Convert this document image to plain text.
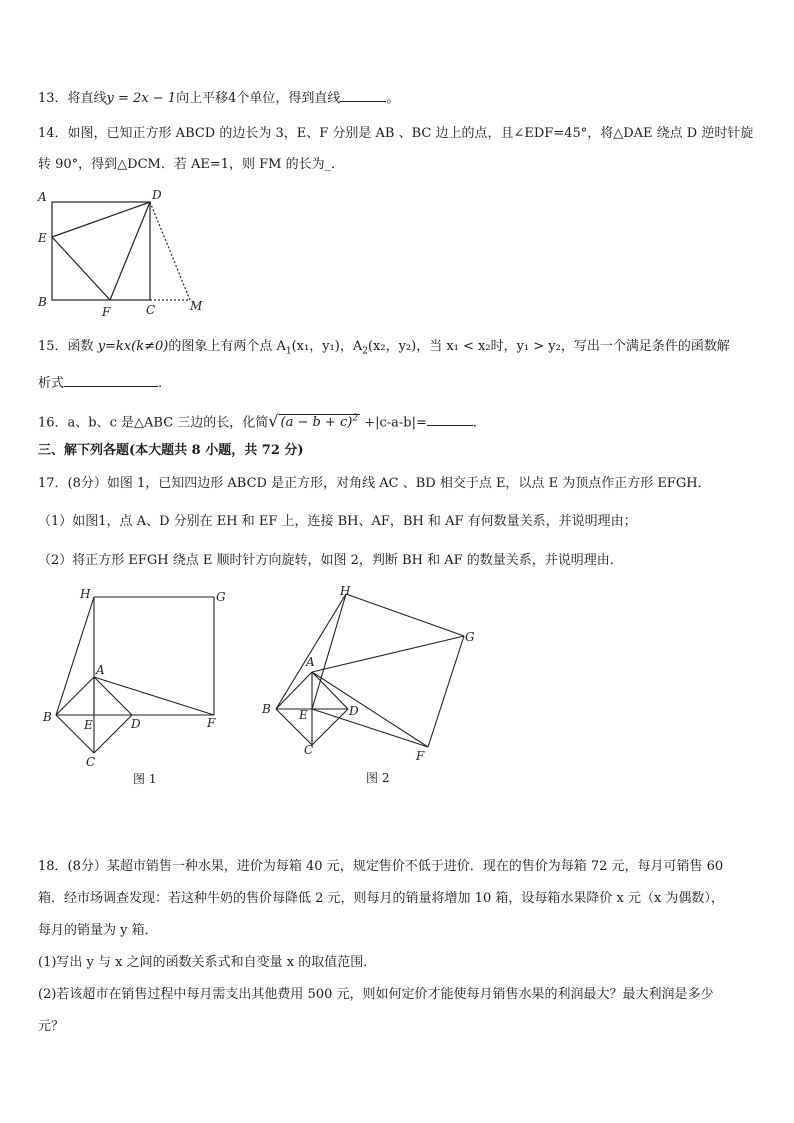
13．将直线y = 2x − 1向上平移4个单位，得到直线	。
14．如图，已知正方形 ABCD 的边长为 3，E、F 分别是 AB 、BC 边上的点，且∠EDF=45°，将△DAE 绕点 D 逆时针旋
转 90°，得到△DCM．若 AE=1，则 FM 的长为_．
A	D
E
B
F	C	M
15．函数 y=kx(k≠0)的图象上有两个点 $A_1(x_1$，y₁)，$A_2(x_2$，y₂)，当 x₁ < x₂时，y₁ > y₂，写出一个满足条件的函数解
析式	.
16．a、b、c 是△ABC 三边的长，化简√ $(a - b + c)^2 +|c-a-b|=$	．
三、解下列各题(本大题共 8 小题，共 72 分)
17．(8分）如图 1，已知四边形 ABCD 是正方形，对角线 AC 、BD 相交于点 E，以点 E 为顶点作正方形 EFGH．
（1）如图1，点 A、D 分别在 EH 和 EF 上，连接 BH、AF，BH 和 AF 有何数量关系，并说明理由；
（2）将正方形 EFGH 绕点 E 顺时针方向旋转，如图 2，判断 BH 和 AF 的数量关系，并说明理由．
H	G
A
B
E	D	F
C
图 1
H
G
A
B E	D
F
C
图 2
18．(8分）某超市销售一种水果，进价为每箱 40 元，规定售价不低于进价．现在的售价为每箱 72 元，每月可销售 60
箱．经市场调查发现：若这种牛奶的售价每降低 2 元，则每月的销量将增加 10 箱，设每箱水果降价 x 元（x 为偶数），
每月的销量为 y 箱．
(1)写出 y 与 x 之间的函数关系式和自变量 x 的取值范围．
(2)若该超市在销售过程中每月需支出其他费用 500 元，则如何定价才能使每月销售水果的利润最大？最大利润是多少
元？
